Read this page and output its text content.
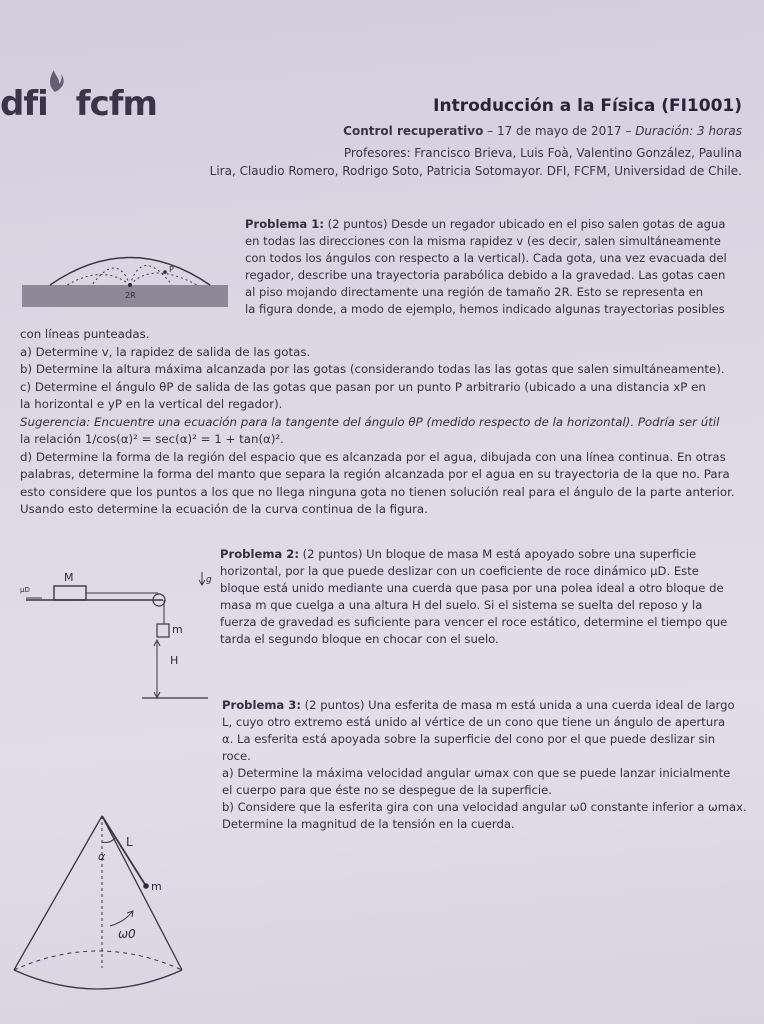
dfi fcfm	Introducción a la Física (FI1001)
Control recuperativo – 17 de mayo de 2017 – Duración: 3 horas
Profesores: Francisco Brieva, Luis Foà, Valentino González, Paulina
Lira, Claudio Romero, Rodrigo Soto, Patricia Sotomayor. DFI, FCFM, Universidad de Chile.
P
2R
Problema 1: (2 puntos) Desde un regador ubicado en el piso salen gotas de agua
en todas las direcciones con la misma rapidez v (es decir, salen simultáneamente
con todos los ángulos con respecto a la vertical). Cada gota, una vez evacuada del
regador, describe una trayectoria parabólica debido a la gravedad. Las gotas caen
al piso mojando directamente una región de tamaño 2R. Esto se representa en
la figura donde, a modo de ejemplo, hemos indicado algunas trayectorias posibles
con líneas punteadas.
a) Determine v, la rapidez de salida de las gotas.
b) Determine la altura máxima alcanzada por las gotas (considerando todas las las gotas que salen simultáneamente).
c) Determine el ángulo θP de salida de las gotas que pasan por un punto P arbitrario (ubicado a una distancia xP en
la horizontal e yP en la vertical del regador).
Sugerencia: Encuentre una ecuación para la tangente del ángulo θP (medido respecto de la horizontal). Podría ser útil
la relación 1/cos(α)² = sec(α)² = 1 + tan(α)².
d) Determine la forma de la región del espacio que es alcanzada por el agua, dibujada con una línea continua. En otras
palabras, determine la forma del manto que separa la región alcanzada por el agua en su trayectoria de la que no. Para
esto considere que los puntos a los que no llega ninguna gota no tienen solución real para el ángulo de la parte anterior.
Usando esto determine la ecuación de la curva continua de la figura.
M
m
H
μD
g
Problema 2: (2 puntos) Un bloque de masa M está apoyado sobre una superficie
horizontal, por la que puede deslizar con un coeficiente de roce dinámico μD. Este
bloque está unido mediante una cuerda que pasa por una polea ideal a otro bloque de
masa m que cuelga a una altura H del suelo. Si el sistema se suelta del reposo y la
fuerza de gravedad es suficiente para vencer el roce estático, determine el tiempo que
tarda el segundo bloque en chocar con el suelo.
Problema 3: (2 puntos) Una esferita de masa m está unida a una cuerda ideal de largo
L, cuyo otro extremo está unido al vértice de un cono que tiene un ángulo de apertura
α. La esferita está apoyada sobre la superficie del cono por el que puede deslizar sin
roce.
a) Determine la máxima velocidad angular ωmax con que se puede lanzar inicialmente
el cuerpo para que éste no se despegue de la superficie.
b) Considere que la esferita gira con una velocidad angular ω0 constante inferior a ωmax.
Determine la magnitud de la tensión en la cuerda.
α
L
m
ω0
